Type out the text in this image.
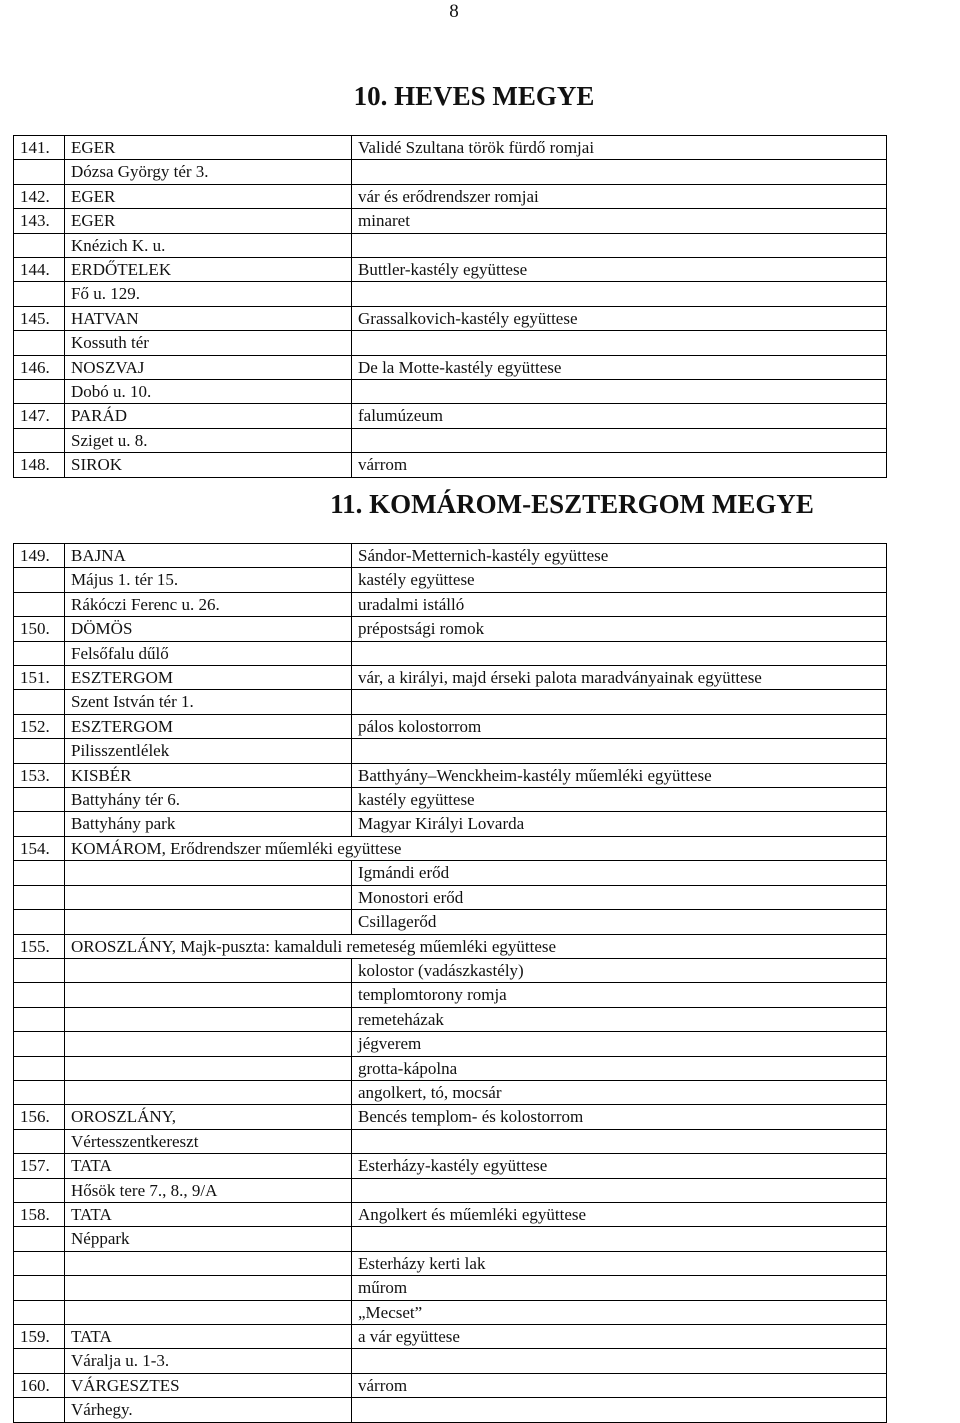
8
10. HEVES MEGYE
141.	EGER	Validé Szultana török fürdő romjai
	Dózsa György tér 3.	
142.	EGER	vár és erődrendszer romjai
143.	EGER	minaret
	Knézich K. u.	
144.	ERDŐTELEK	Buttler-kastély együttese
	Fő u. 129.	
145.	HATVAN	Grassalkovich-kastély együttese
	Kossuth tér	
146.	NOSZVAJ	De la Motte-kastély együttese
	Dobó u. 10.	
147.	PARÁD	falumúzeum
	Sziget u. 8.	
148.	SIROK	várrom
11. KOMÁROM-ESZTERGOM MEGYE
149.	BAJNA	Sándor-Metternich-kastély együttese
	Május 1. tér 15.	kastély együttese
	Rákóczi Ferenc u. 26.	uradalmi istálló
150.	DÖMÖS	prépostsági romok
	Felsőfalu dűlő	
151.	ESZTERGOM	vár, a királyi, majd érseki palota maradványainak együttese
	Szent István tér 1.	
152.	ESZTERGOM	pálos kolostorrom
	Pilisszentlélek	
153.	KISBÉR	Batthyány–Wenckheim-kastély műemléki együttese
	Battyhány tér 6.	kastély együttese
	Battyhány park	Magyar Királyi Lovarda
154.	KOMÁROM, Erődrendszer műemléki együttese	
		Igmándi erőd
		Monostori erőd
		Csillagerőd
155.	OROSZLÁNY, Majk-puszta: kamalduli remeteség műemléki együttese	
		kolostor (vadászkastély)
		templomtorony romja
		remeteházak
		jégverem
		grotta-kápolna
		angolkert, tó, mocsár
156.	OROSZLÁNY,	Bencés templom- és kolostorrom
	Vértesszentkereszt	
157.	TATA	Esterházy-kastély együttese
	Hősök tere 7., 8., 9/A	
158.	TATA	Angolkert és műemléki együttese
	Néppark	
		Esterházy kerti lak
		műrom
		„Mecset”
159.	TATA	a vár együttese
	Váralja u. 1-3.	
160.	VÁRGESZTES	várrom
	Várhegy.	
